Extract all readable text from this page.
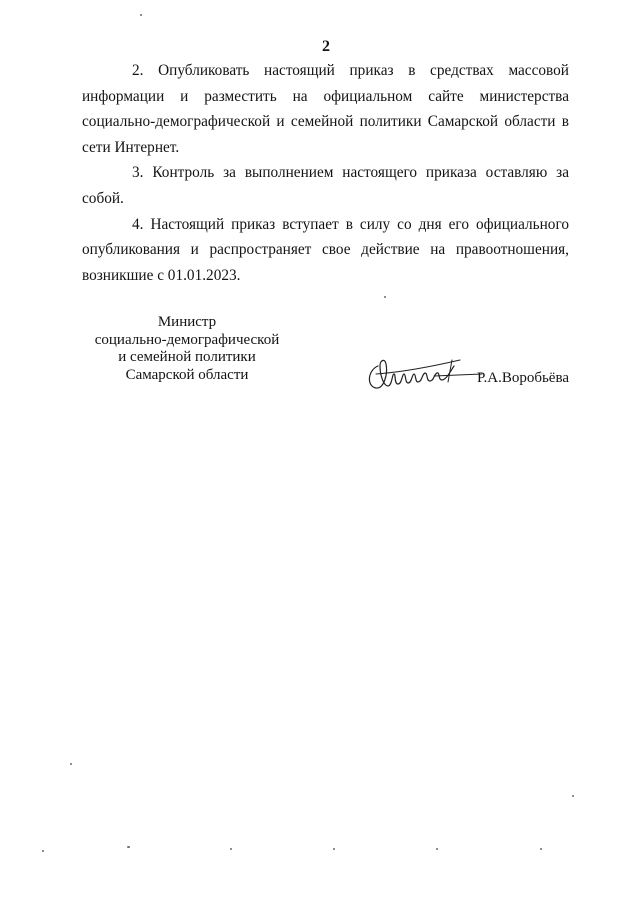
2

2. Опубликовать настоящий приказ в средствах массовой информации и разместить на официальном сайте министерства социально-демографической и семейной политики Самарской области в сети Интернет.

3. Контроль за выполнением настоящего приказа оставляю за собой.

4. Настоящий приказ вступает в силу со дня его официального опубликования и распространяет свое действие на правоотношения, возникшие с 01.01.2023.

Министр
социально-демографической
и семейной политики
Самарской области	Р.А.Воробьёва
